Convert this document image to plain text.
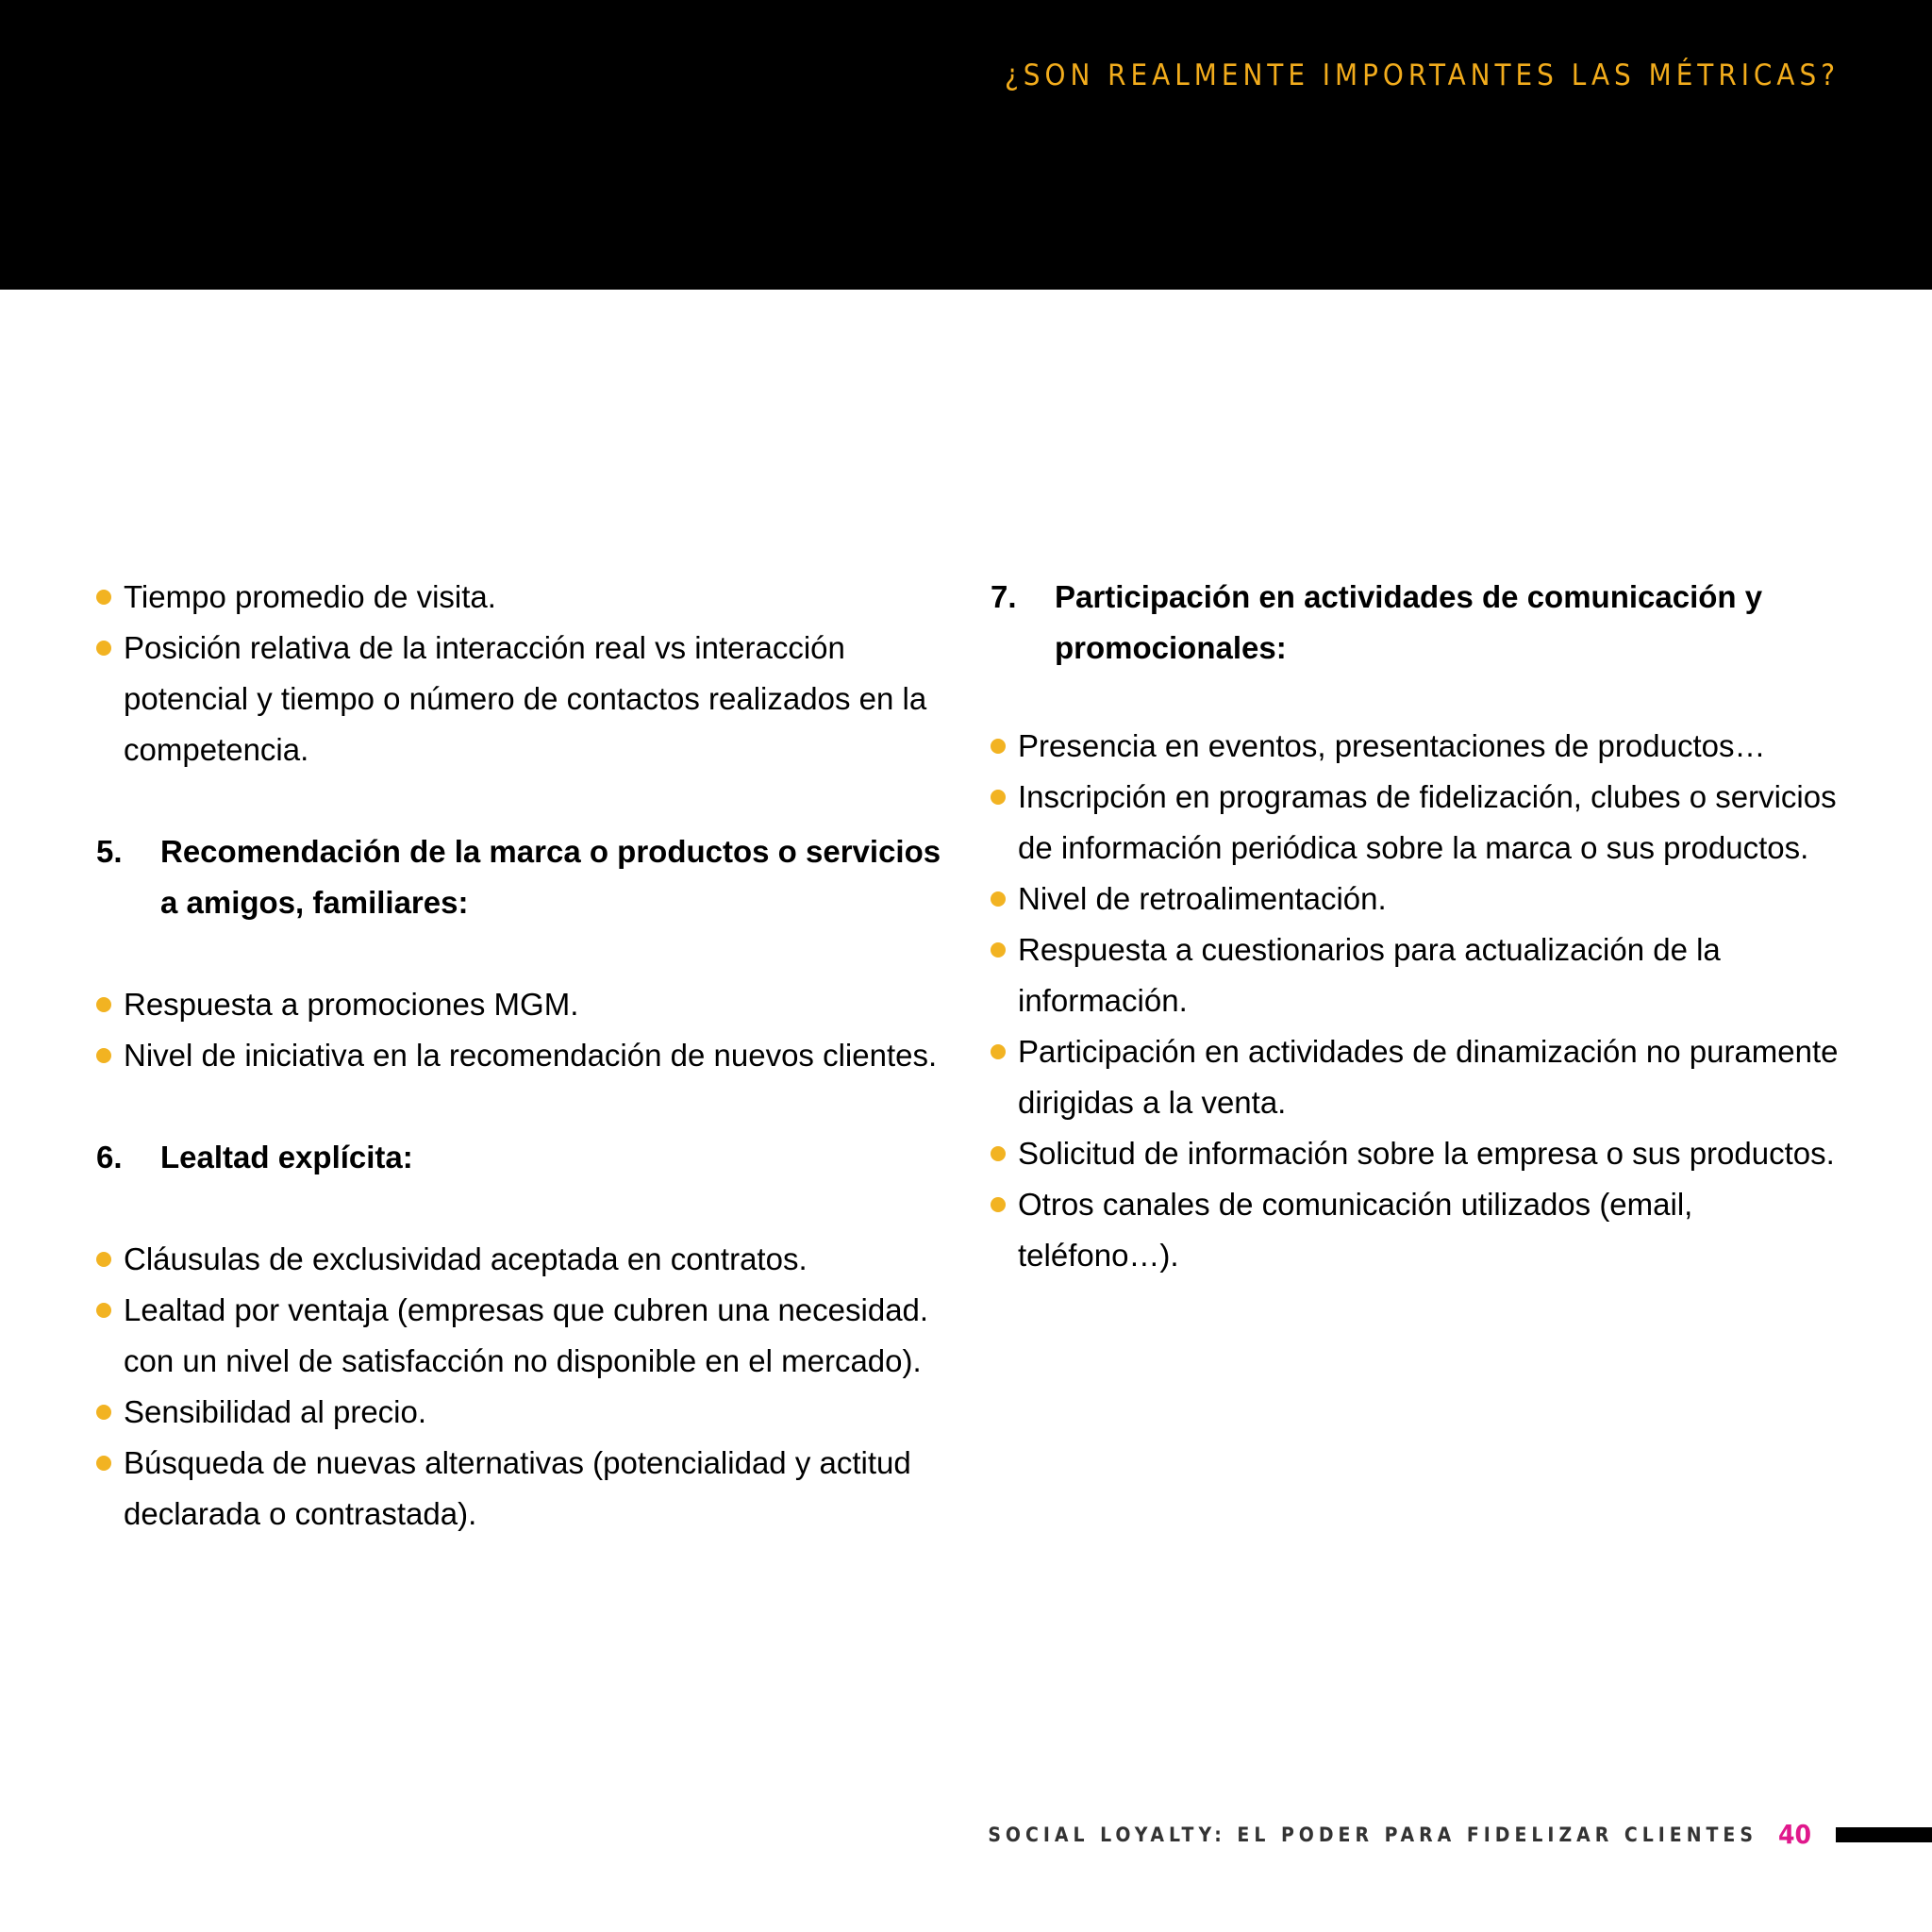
¿SON REALMENTE IMPORTANTES LAS MÉTRICAS?
Tiempo promedio de visita.
Posición relativa de la interacción real vs interacción potencial y tiempo o número de contactos realizados en la competencia.
5.	Recomendación de la marca o productos o servicios a amigos, familiares:
Respuesta a promociones MGM.
Nivel de iniciativa en la recomendación de nuevos clientes.
6.	Lealtad explícita:
Cláusulas de exclusividad aceptada en contratos.
Lealtad por ventaja (empresas que cubren una necesidad. con un nivel de satisfacción no disponible en el mercado).
Sensibilidad al precio.
Búsqueda de nuevas alternativas (potencialidad y actitud declarada o contrastada).
7.	Participación en actividades de comunicación y promocionales:
Presencia en eventos, presentaciones de productos…
Inscripción en programas de fidelización, clubes o servicios de información periódica sobre la marca o sus productos.
Nivel de retroalimentación.
Respuesta a cuestionarios para actualización de la información.
Participación en actividades de dinamización no puramente dirigidas a la venta.
Solicitud de información sobre la empresa o sus productos.
Otros canales de comunicación utilizados (email, teléfono…).
SOCIAL LOYALTY: EL PODER PARA FIDELIZAR CLIENTES 40
